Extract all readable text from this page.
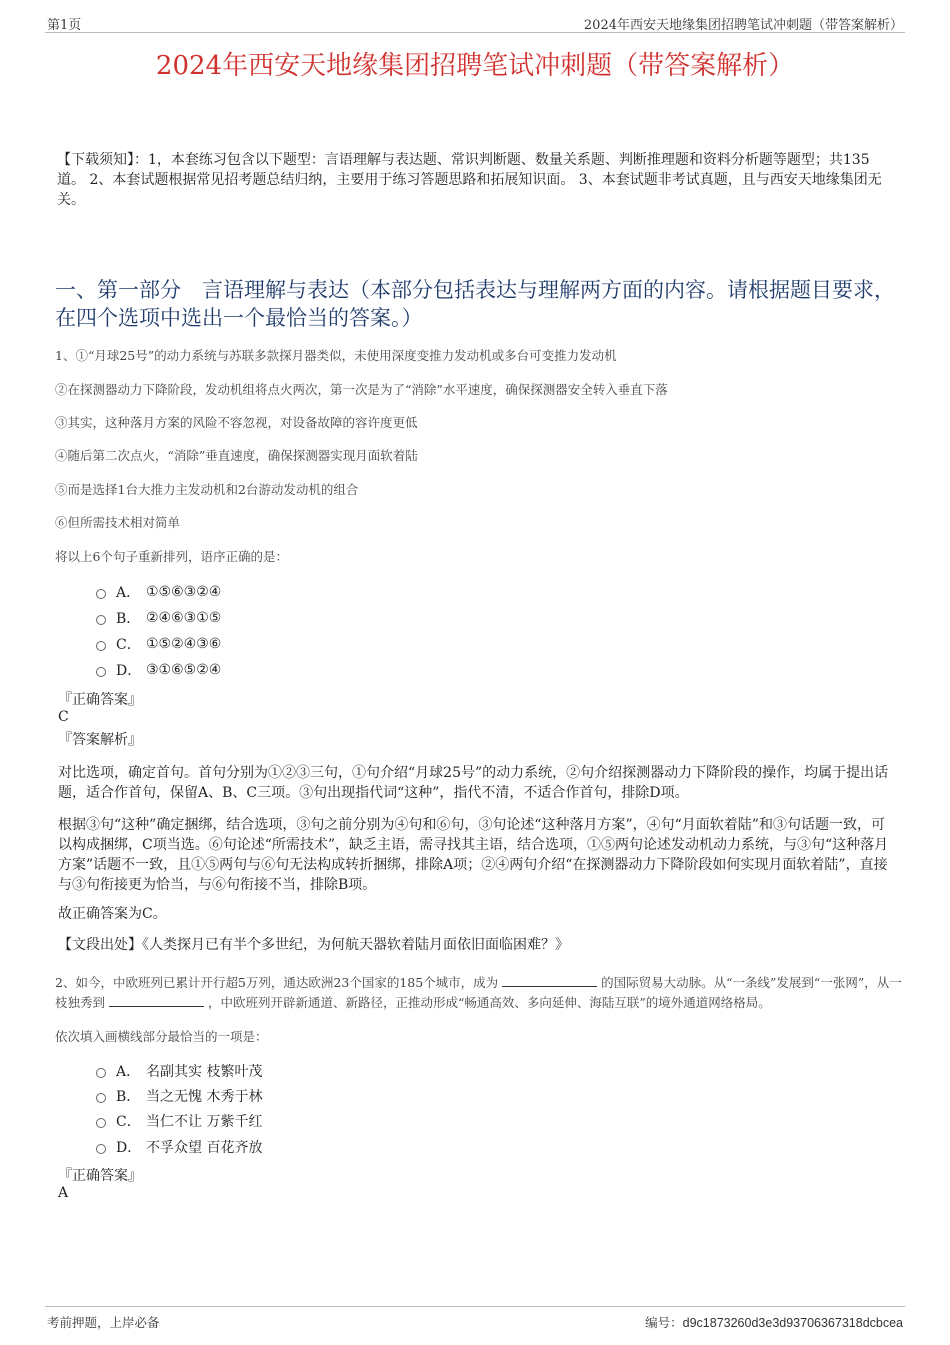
第1页	2024年西安天地缘集团招聘笔试冲刺题（带答案解析）
2024年西安天地缘集团招聘笔试冲刺题（带答案解析）
【下载须知】：1，本套练习包含以下题型：言语理解与表达题、常识判断题、数量关系题、判断推理题和资料分析题等题型；共135道。 2、本套试题根据常见招考题总结归纳，主要用于练习答题思路和拓展知识面。 3、本套试题非考试真题，且与西安天地缘集团无关。
一、第一部分　言语理解与表达（本部分包括表达与理解两方面的内容。请根据题目要求，在四个选项中选出一个最恰当的答案。）
1、①“月球25号”的动力系统与苏联多款探月器类似，未使用深度变推力发动机或多台可变推力发动机
②在探测器动力下降阶段，发动机组将点火两次，第一次是为了“消除”水平速度，确保探测器安全转入垂直下落
③其实，这种落月方案的风险不容忽视，对设备故障的容许度更低
④随后第二次点火，“消除”垂直速度，确保探测器实现月面软着陆
⑤而是选择1台大推力主发动机和2台游动发动机的组合
⑥但所需技术相对简单
将以上6个句子重新排列，语序正确的是：
A． ①⑤⑥③②④
B． ②④⑥③①⑤
C． ①⑤②④③⑥
D． ③①⑥⑤②④
『正确答案』
C
『答案解析』
对比选项，确定首句。首句分别为①②③三句，①句介绍“月球25号”的动力系统，②句介绍探测器动力下降阶段的操作，均属于提出话题，适合作首句，保留A、B、C三项。③句出现指代词“这种”，指代不清，不适合作首句，排除D项。
根据③句“这种”确定捆绑，结合选项，③句之前分别为④句和⑥句，③句论述“这种落月方案”，④句“月面软着陆”和③句话题一致，可以构成捆绑，C项当选。⑥句论述“所需技术”，缺乏主语，需寻找其主语，结合选项，①⑤两句论述发动机动力系统，与③句“这种落月方案”话题不一致，且①⑤两句与⑥句无法构成转折捆绑，排除A项；②④两句介绍“在探测器动力下降阶段如何实现月面软着陆”，直接与③句衔接更为恰当，与⑥句衔接不当，排除B项。
故正确答案为C。
【文段出处】《人类探月已有半个多世纪，为何航天器软着陆月面依旧面临困难？》
2、如今，中欧班列已累计开行超5万列，通达欧洲23个国家的185个城市，成为	的国际贸易大动脉。从“一条线”发展到“一张网”，从一枝独秀到	，中欧班列开辟新通道、新路径，正推动形成“畅通高效、多向延伸、海陆互联”的境外通道网络格局。
依次填入画横线部分最恰当的一项是：
A． 名副其实 枝繁叶茂
B． 当之无愧 木秀于林
C． 当仁不让 万紫千红
D． 不孚众望 百花齐放
『正确答案』
A
考前押题，上岸必备	编号：d9c1873260d3e3d93706367318dcbcea
